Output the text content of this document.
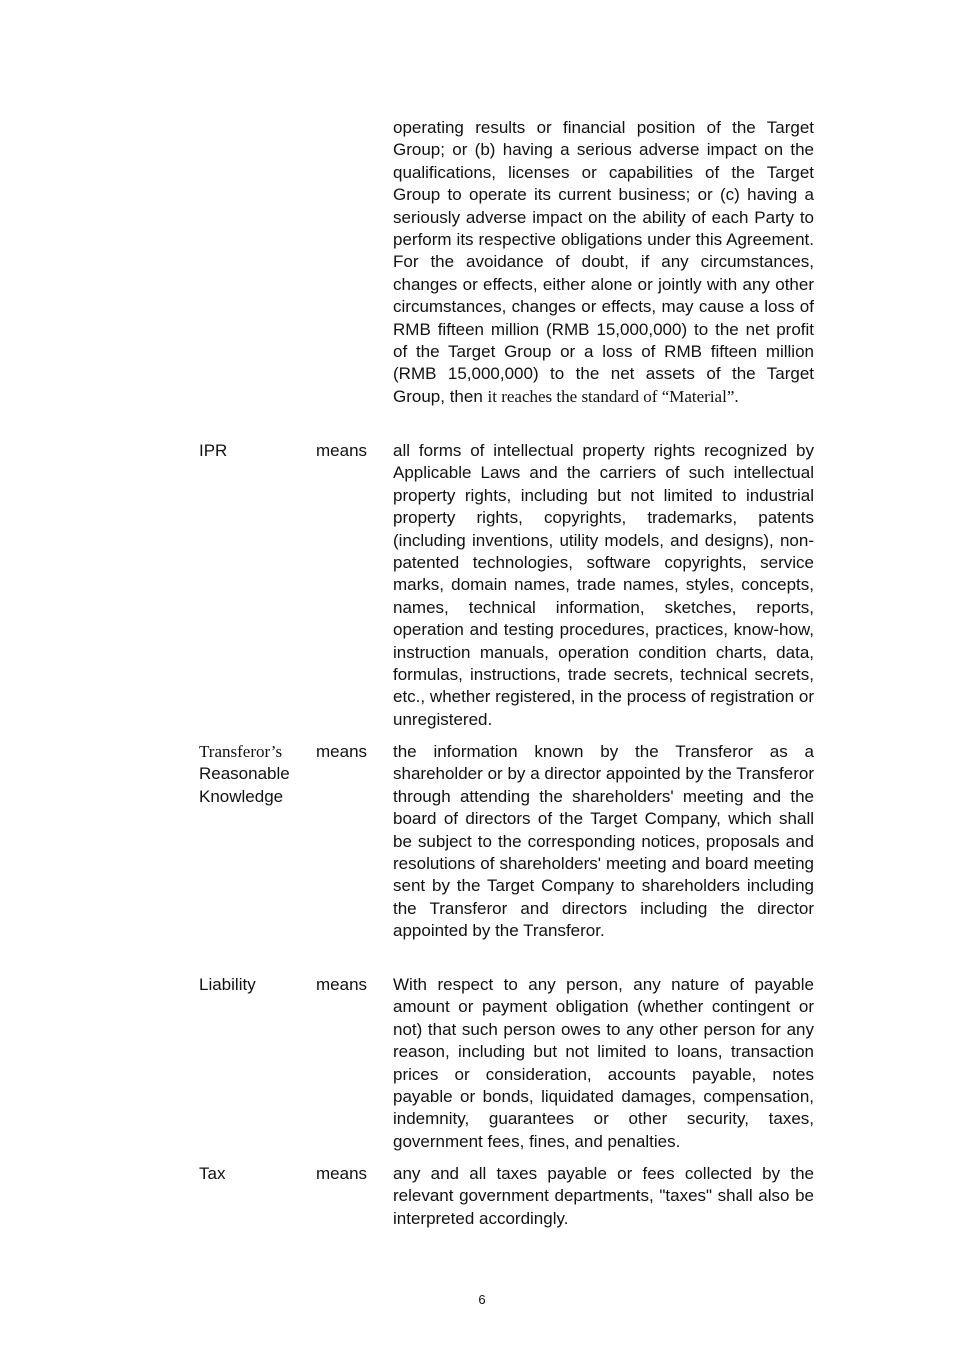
operating results or financial position of the Target Group; or (b) having a serious adverse impact on the qualifications, licenses or capabilities of the Target Group to operate its current business; or (c) having a seriously adverse impact on the ability of each Party to perform its respective obligations under this Agreement. For the avoidance of doubt, if any circumstances, changes or effects, either alone or jointly with any other circumstances, changes or effects, may cause a loss of RMB fifteen million (RMB 15,000,000) to the net profit of the Target Group or a loss of RMB fifteen million (RMB 15,000,000) to the net assets of the Target Group, then it reaches the standard of “Material”.
IPR	means	all forms of intellectual property rights recognized by Applicable Laws and the carriers of such intellectual property rights, including but not limited to industrial property rights, copyrights, trademarks, patents (including inventions, utility models, and designs), non-patented technologies, software copyrights, service marks, domain names, trade names, styles, concepts, names, technical information, sketches, reports, operation and testing procedures, practices, know-how, instruction manuals, operation condition charts, data, formulas, instructions, trade secrets, technical secrets, etc., whether registered, in the process of registration or unregistered.
Transferor’s
Reasonable
Knowledge
means	the information known by the Transferor as a shareholder or by a director appointed by the Transferor through attending the shareholders' meeting and the board of directors of the Target Company, which shall be subject to the corresponding notices, proposals and resolutions of shareholders' meeting and board meeting sent by the Target Company to shareholders including the Transferor and directors including the director appointed by the Transferor.
Liability	means	With respect to any person, any nature of payable amount or payment obligation (whether contingent or not) that such person owes to any other person for any reason, including but not limited to loans, transaction prices or consideration, accounts payable, notes payable or bonds, liquidated damages, compensation, indemnity, guarantees or other security, taxes, government fees, fines, and penalties.
Tax	means	any and all taxes payable or fees collected by the relevant government departments, "taxes" shall also be interpreted accordingly.
6
